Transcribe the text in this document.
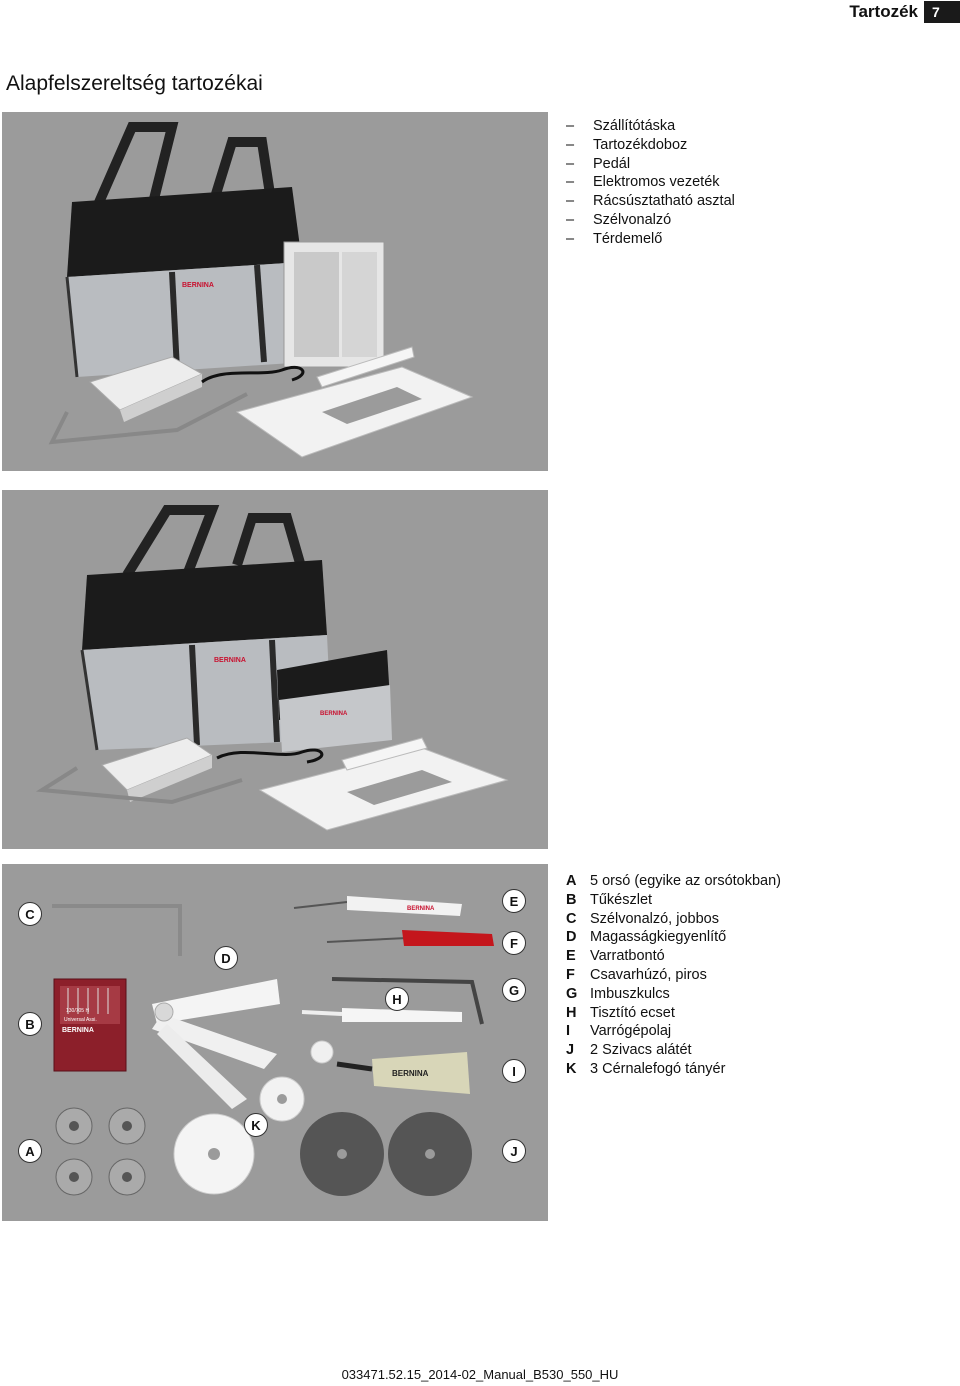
Tartozék	7
Alapfelszereltség tartozékai
BERNINA
–	Szállítótáska
–	Tartozékdoboz
–	Pedál
–	Elektromos vezeték
–	Rácsúsztatható asztal
–	Szélvonalzó
–	Térdemelő
BERNINA
BERNINA
130/705 H
Universal Assi.
BERNINA
BERNINA
BERNINA
C
B
D
H
E
F
G
I
K
A	J
A 5 orsó (egyike az orsótokban)
B Tűkészlet
C Szélvonalzó, jobbos
D Magasságkiegyenlítő
E Varratbontó
F	Csavarhúzó, piros
G Imbuszkulcs
H Tisztító ecset
I	Varrógépolaj
J	2 Szivacs alátét
K 3 Cérnalefogó tányér
033471.52.15_2014-02_Manual_B530_550_HU
